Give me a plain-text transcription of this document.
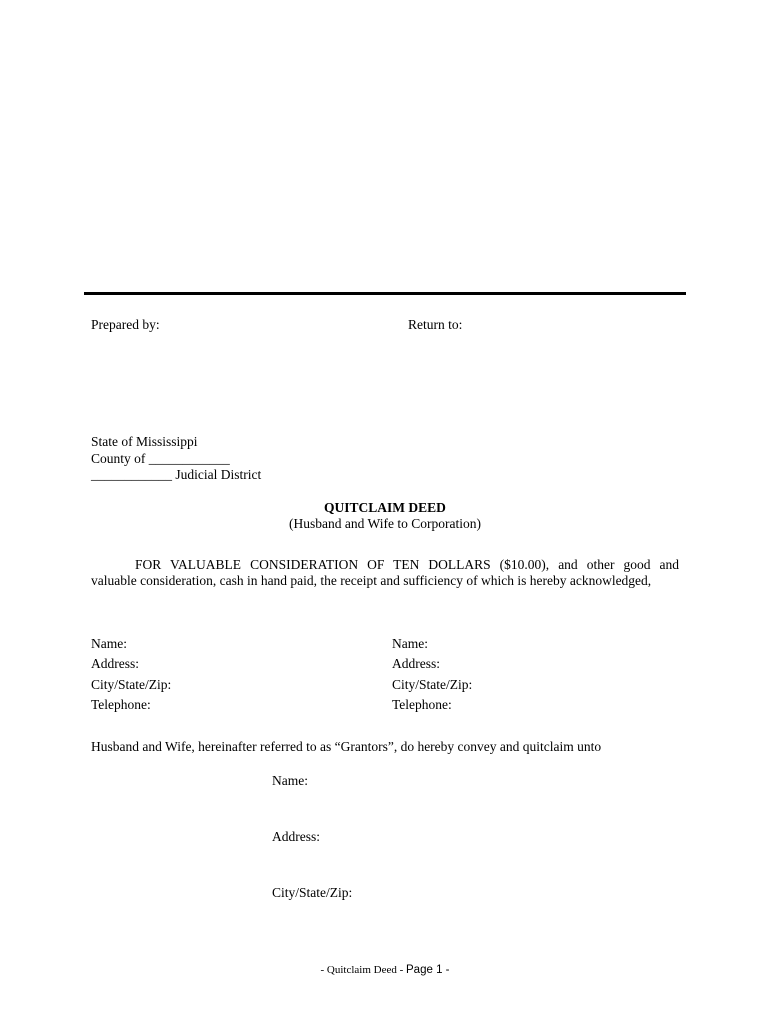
Prepared by:	Return to:
State of Mississippi
County of ____________
____________ Judicial District
QUITCLAIM DEED
(Husband and Wife to Corporation)
FOR VALUABLE CONSIDERATION OF TEN DOLLARS ($10.00), and other good and
valuable consideration, cash in hand paid, the receipt and sufficiency of which is hereby acknowledged,
Name:
Address:
City/State/Zip:
Telephone:
Name:
Address:
City/State/Zip:
Telephone:
Husband and Wife, hereinafter referred to as “Grantors”, do hereby convey and quitclaim unto
Name:
Address:
City/State/Zip:
- Quitclaim Deed - Page 1 -
